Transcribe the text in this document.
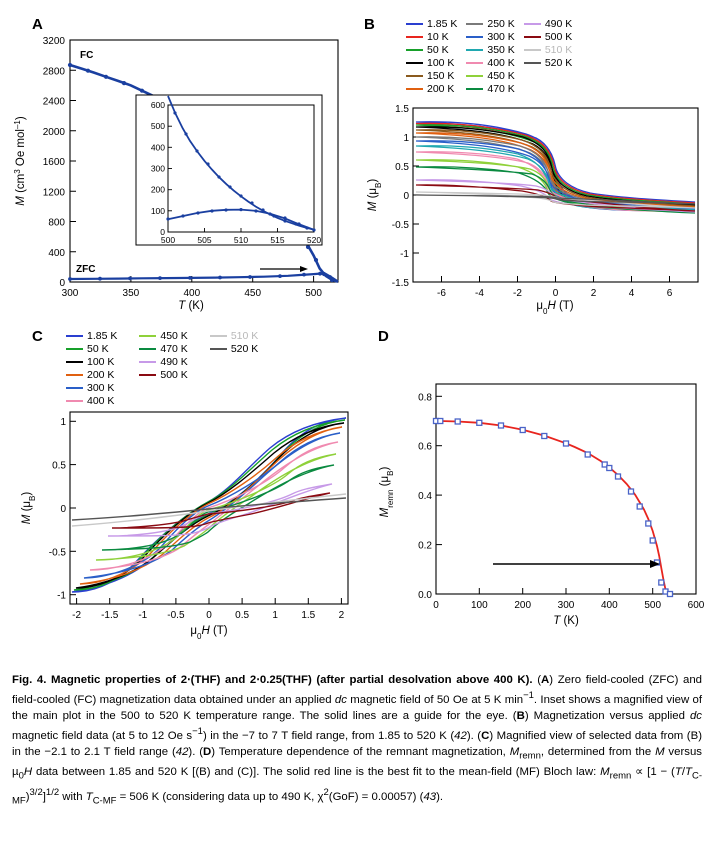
A
0
400
800
1200
1600
2000
2400
2800
3200
300	350	400	450	500
T (K)
M ($cm^3$ Oe mol$^{-1}$)
FC
ZFC
0
100
200
300
400
500
600
500	505	510	515	520
B	1.85 K
10 K
50 K
100 K
150 K
200 K
250 K
300 K
350 K
400 K
450 K
470 K
490 K
500 K
510 K
520 K
1.5
1
0.5
0
-0.5
-1
-1.5
-6	-4	-2	0	2	4	6
$\mu_0H$ (T)
M $(\mu_B)$
C	1.85 K
50 K
100 K
200 K
300 K
400 K
450 K
470 K
490 K
500 K
510 K
520 K
1
0.5
0
-0.5
-1
-2 -1.5 -1 -0.5 0 0.5 1 1.5 2
$\mu_0H$ (T)
M $(\mu_B)$
D
0.0
0.2
0.4
0.6
0.8
0	100	200	300	400	500	600
T (K)
$M_{remn}$ $(\mu_B)$
Fig. 4. Magnetic properties of 2⋅(THF) and 2⋅0.25(THF) (after partial desolvation above 400 K). (A) Zero field‑cooled (ZFC) and field‑cooled (FC) magnetization data obtained under an applied dc magnetic field of 50 Oe at 5 K $\min^{-1}$. Inset shows a magnified view of the main plot in the 500 to 520 K temperature range. The solid lines are a guide for the eye. (B) Magnetization versus applied dc magnetic field data (at 5 to 12 Oe $s^{-1}$) in the −7 to 7 T field range, from 1.85 to 520 K (42). (C) Magnified view of selected data from (B) in the −2.1 to 2.1 T field range (42). (D) Temperature dependence of the remnant magnetization, $M_{remn}$, determined from the M versus µ$_0$H data between 1.85 and 520 K [(B) and (C)]. The solid red line is the best fit to the mean‑field (MF) Bloch law: $M_{remn} \propto [1 - (T/T_{C-MF})^{3/2}]^{1/2}$ with $T_{C-MF} = 506$ K (considering data up to 490 K, $\chi^2(GoF) = 0.00057$) (43).
